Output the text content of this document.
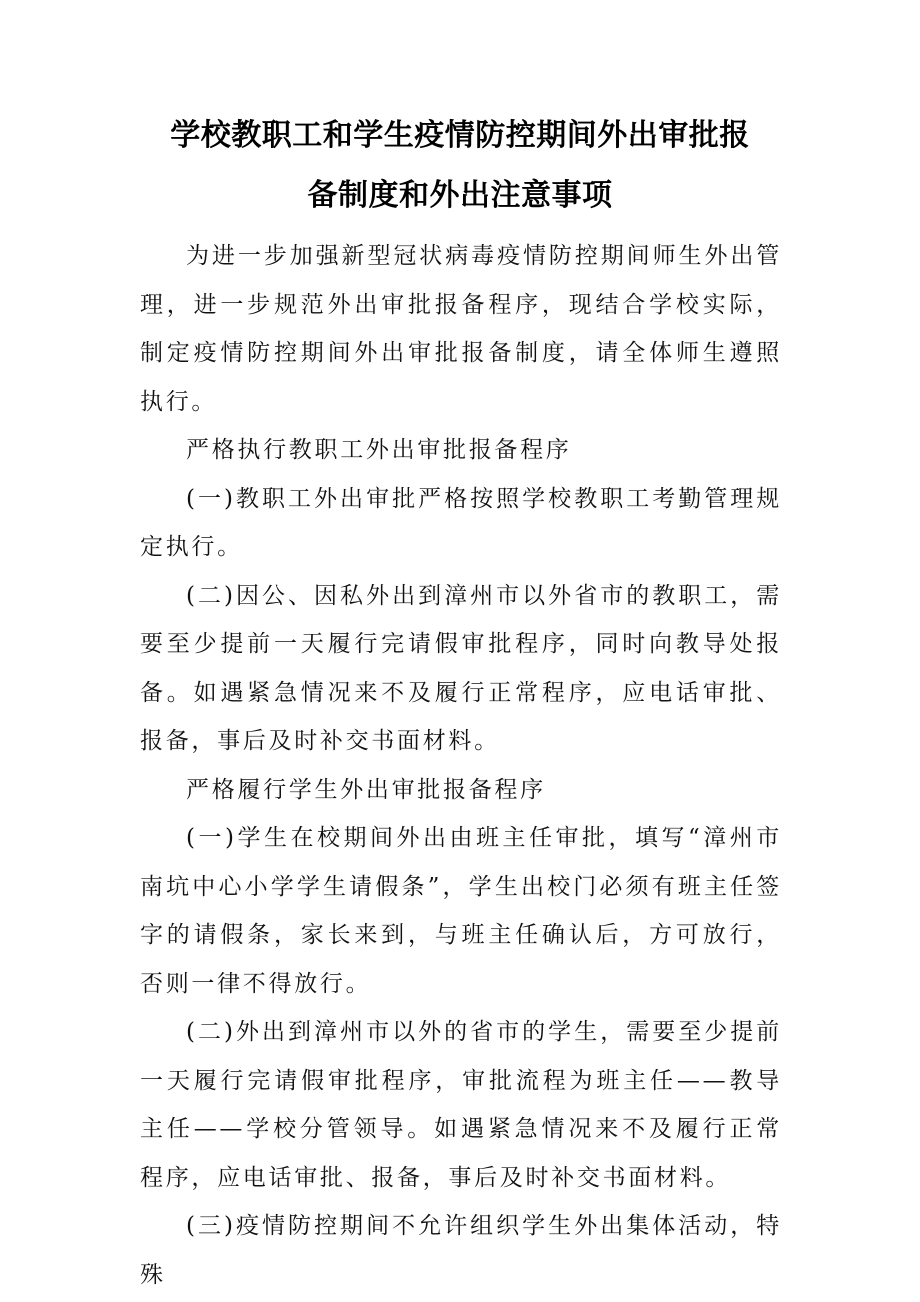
学校教职工和学生疫情防控期间外出审批报
备制度和外出注意事项

为进一步加强新型冠状病毒疫情防控期间师生外出管理，进一步规范外出审批报备程序，现结合学校实际，制定疫情防控期间外出审批报备制度，请全体师生遵照执行。

严格执行教职工外出审批报备程序

(一)教职工外出审批严格按照学校教职工考勤管理规定执行。

(二)因公、因私外出到漳州市以外省市的教职工，需要至少提前一天履行完请假审批程序，同时向教导处报备。如遇紧急情况来不及履行正常程序，应电话审批、报备，事后及时补交书面材料。

严格履行学生外出审批报备程序

(一)学生在校期间外出由班主任审批，填写“漳州市南坑中心小学学生请假条”，学生出校门必须有班主任签字的请假条，家长来到，与班主任确认后，方可放行，否则一律不得放行。

(二)外出到漳州市以外的省市的学生，需要至少提前一天履行完请假审批程序，审批流程为班主任——教导主任——学校分管领导。如遇紧急情况来不及履行正常程序，应电话审批、报备，事后及时补交书面材料。

(三)疫情防控期间不允许组织学生外出集体活动，特殊
